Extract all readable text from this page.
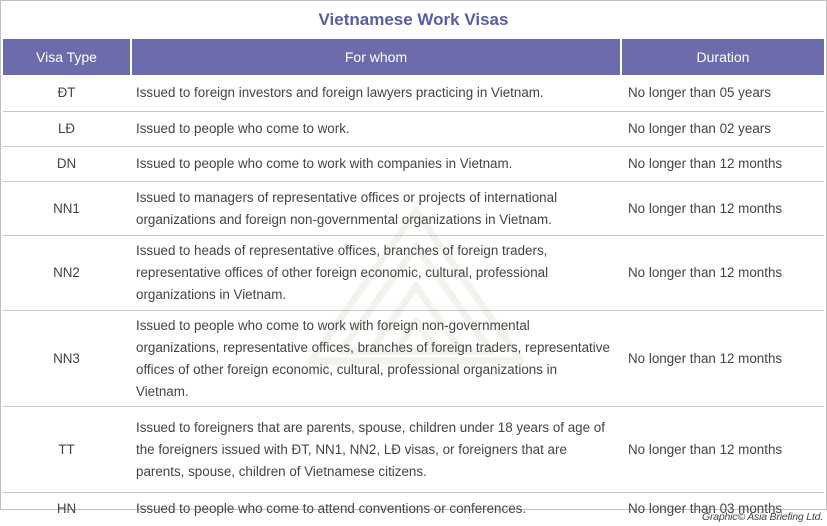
Vietnamese Work Visas
Visa Type	For whom	Duration
ĐT	Issued to foreign investors and foreign lawyers practicing in Vietnam.	No longer than 05 years
LĐ	Issued to people who come to work.	No longer than 02 years
DN	Issued to people who come to work with companies in Vietnam.	No longer than 12 months
NN1	Issued to managers of representative offices or projects of international organizations and foreign non-governmental organizations in Vietnam.	No longer than 12 months
NN2	Issued to heads of representative offices, branches of foreign traders, representative offices of other foreign economic, cultural, professional organizations in Vietnam.	No longer than 12 months
NN3	Issued to people who come to work with foreign non-governmental organizations, representative offices, branches of foreign traders, representative offices of other foreign economic, cultural, professional organizations in Vietnam.	No longer than 12 months
TT	Issued to foreigners that are parents, spouse, children under 18 years of age of the foreigners issued with ĐT, NN1, NN2, LĐ visas, or foreigners that are parents, spouse, children of Vietnamese citizens.	No longer than 12 months
HN	Issued to people who come to attend conventions or conferences.	No longer than 03 months
Graphic© Asia Briefing Ltd.
